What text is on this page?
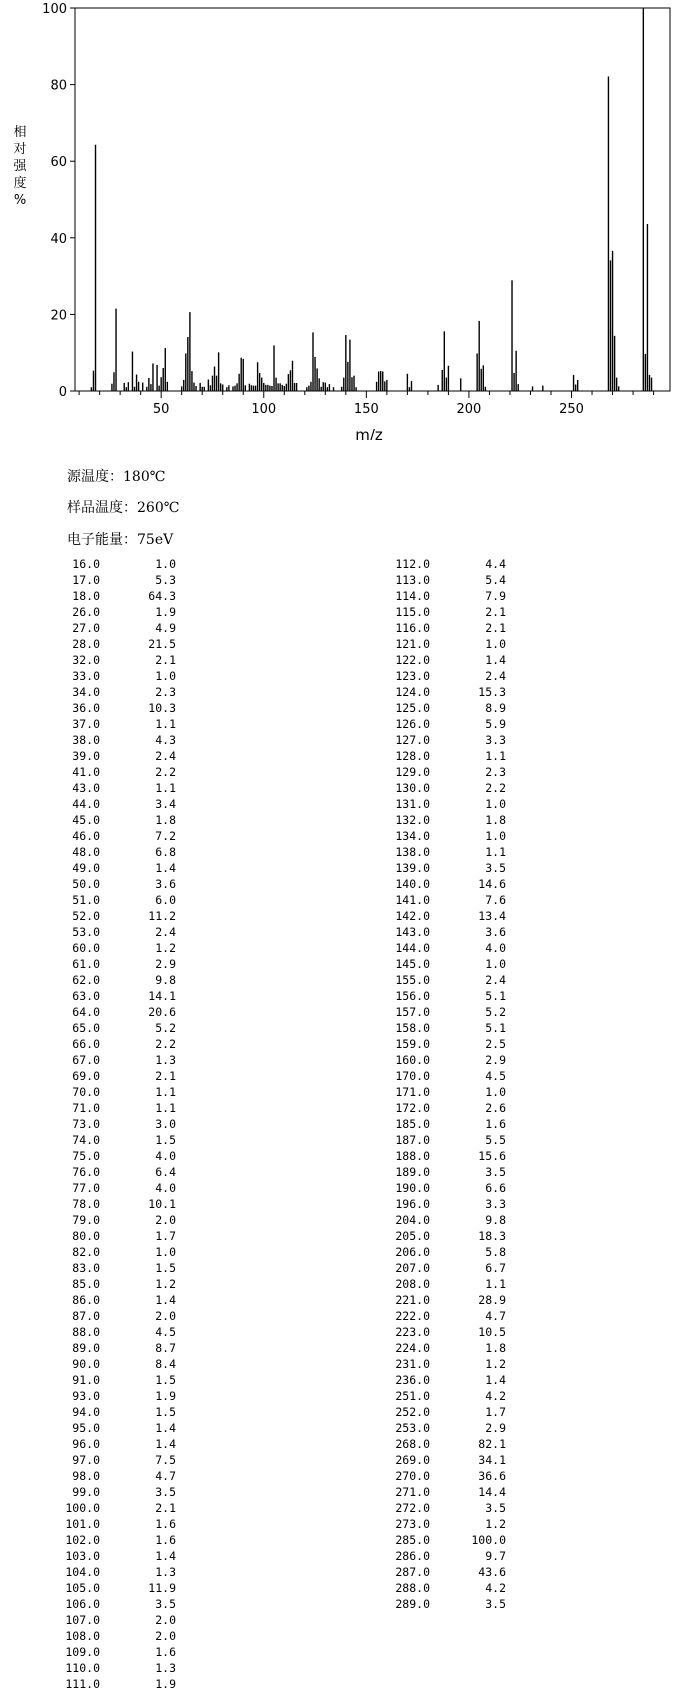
0
20
40
60
80
100
50	100	150	200	250
相对强度%
m/z
源温度：180℃
样品温度：260℃
电子能量：75eV
16.0	1.0
17.0	5.3
18.0	64.3
26.0	1.9
27.0	4.9
28.0	21.5
32.0	2.1
33.0	1.0
34.0	2.3
36.0	10.3
37.0	1.1
38.0	4.3
39.0	2.4
41.0	2.2
43.0	1.1
44.0	3.4
45.0	1.8
46.0	7.2
48.0	6.8
49.0	1.4
50.0	3.6
51.0	6.0
52.0	11.2
53.0	2.4
60.0	1.2
61.0	2.9
62.0	9.8
63.0	14.1
64.0	20.6
65.0	5.2
66.0	2.2
67.0	1.3
69.0	2.1
70.0	1.1
71.0	1.1
73.0	3.0
74.0	1.5
75.0	4.0
76.0	6.4
77.0	4.0
78.0	10.1
79.0	2.0
80.0	1.7
82.0	1.0
83.0	1.5
85.0	1.2
86.0	1.4
87.0	2.0
88.0	4.5
89.0	8.7
90.0	8.4
91.0	1.5
93.0	1.9
94.0	1.5
95.0	1.4
96.0	1.4
97.0	7.5
98.0	4.7
99.0	3.5
100.0	2.1
101.0	1.6
102.0	1.6
103.0	1.4
104.0	1.3
105.0	11.9
106.0	3.5
107.0	2.0
108.0	2.0
109.0	1.6
110.0	1.3
111.0	1.9
112.0	4.4
113.0	5.4
114.0	7.9
115.0	2.1
116.0	2.1
121.0	1.0
122.0	1.4
123.0	2.4
124.0	15.3
125.0	8.9
126.0	5.9
127.0	3.3
128.0	1.1
129.0	2.3
130.0	2.2
131.0	1.0
132.0	1.8
134.0	1.0
138.0	1.1
139.0	3.5
140.0	14.6
141.0	7.6
142.0	13.4
143.0	3.6
144.0	4.0
145.0	1.0
155.0	2.4
156.0	5.1
157.0	5.2
158.0	5.1
159.0	2.5
160.0	2.9
170.0	4.5
171.0	1.0
172.0	2.6
185.0	1.6
187.0	5.5
188.0	15.6
189.0	3.5
190.0	6.6
196.0	3.3
204.0	9.8
205.0	18.3
206.0	5.8
207.0	6.7
208.0	1.1
221.0	28.9
222.0	4.7
223.0	10.5
224.0	1.8
231.0	1.2
236.0	1.4
251.0	4.2
252.0	1.7
253.0	2.9
268.0	82.1
269.0	34.1
270.0	36.6
271.0	14.4
272.0	3.5
273.0	1.2
285.0	100.0
286.0	9.7
287.0	43.6
288.0	4.2
289.0	3.5
